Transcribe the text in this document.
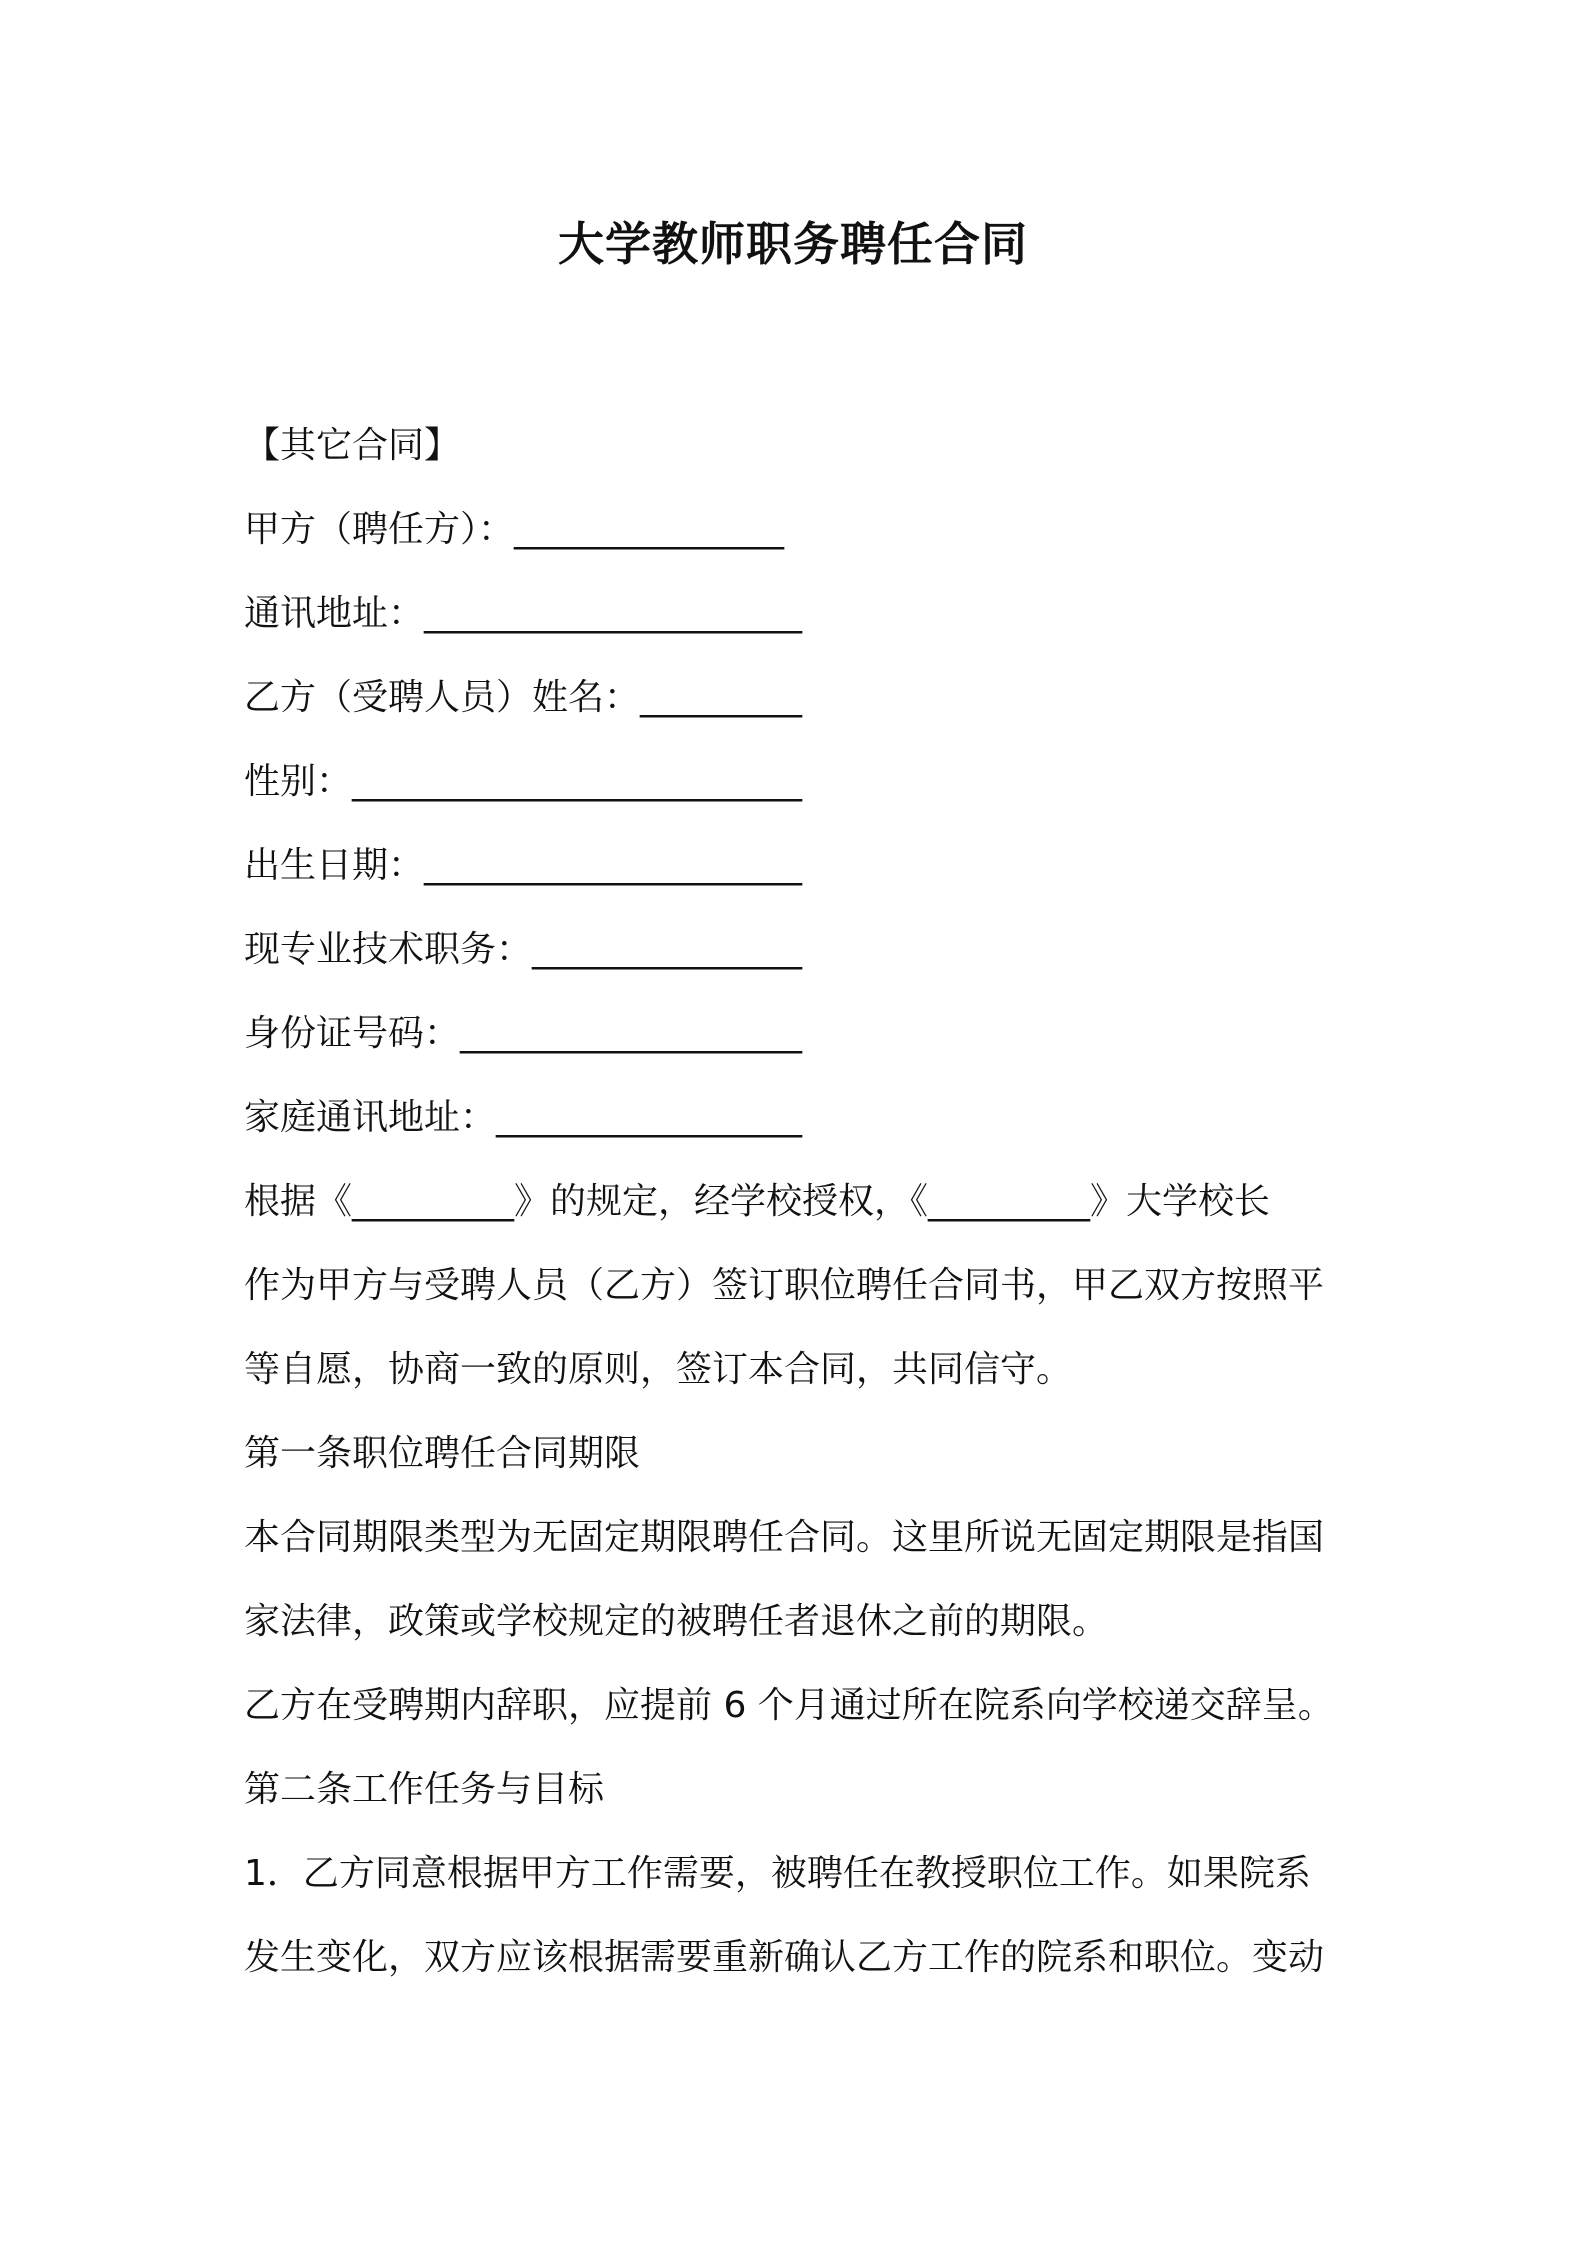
大学教师职务聘任合同
【其它合同】
甲方（聘任方）：_______________
通讯地址：_____________________
乙方（受聘人员）姓名：_________
性别：_________________________
出生日期：_____________________
现专业技术职务：_______________
身份证号码：___________________
家庭通讯地址：_________________
根据《_________》的规定，经学校授权，《_________》大学校长
作为甲方与受聘人员（乙方）签订职位聘任合同书，甲乙双方按照平
等自愿，协商一致的原则，签订本合同，共同信守。
第一条职位聘任合同期限
本合同期限类型为无固定期限聘任合同。这里所说无固定期限是指国
家法律，政策或学校规定的被聘任者退休之前的期限。
乙方在受聘期内辞职，应提前 6 个月通过所在院系向学校递交辞呈。
第二条工作任务与目标
1．乙方同意根据甲方工作需要，被聘任在教授职位工作。如果院系
发生变化，双方应该根据需要重新确认乙方工作的院系和职位。变动
